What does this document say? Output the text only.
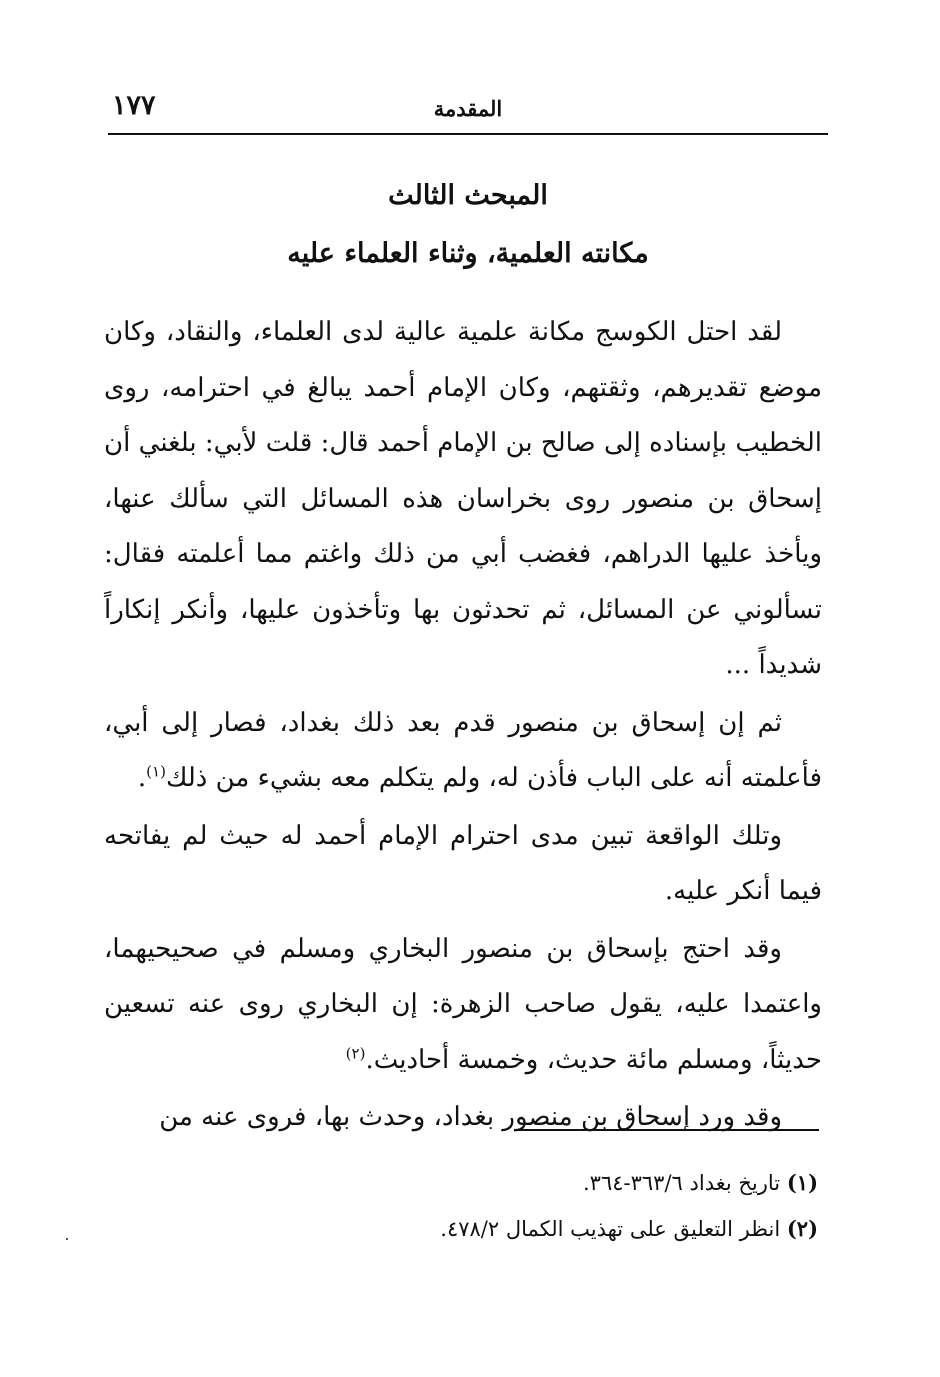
المقدمة
١٧٧
المبحث الثالث
مكانته العلمية، وثناء العلماء عليه

لقد احتل الكوسج مكانة علمية عالية لدى العلماء، والنقاد، وكان موضع تقديرهم، وثقتهم، وكان الإمام أحمد يبالغ في احترامه، روى الخطيب بإسناده إلى صالح بن الإمام أحمد قال: قلت لأبي: بلغني أن إسحاق بن منصور روى بخراسان هذه المسائل التي سألك عنها، ويأخذ عليها الدراهم، فغضب أبي من ذلك واغتم مما أعلمته فقال: تسألوني عن المسائل، ثم تحدثون بها وتأخذون عليها، وأنكر إنكاراً شديداً ...

ثم إن إسحاق بن منصور قدم بعد ذلك بغداد، فصار إلى أبي، فأعلمته أنه على الباب فأذن له، ولم يتكلم معه بشيء من ذلك$^{(١)}$.

وتلك الواقعة تبين مدى احترام الإمام أحمد له حيث لم يفاتحه فيما أنكر عليه.

وقد احتج بإسحاق بن منصور البخاري ومسلم في صحيحيهما، واعتمدا عليه، يقول صاحب الزهرة: إن البخاري روى عنه تسعين حديثاً، ومسلم مائة حديث، وخمسة أحاديث.$^{(٢)}$

وقد ورد إسحاق بن منصور بغداد، وحدث بها، فروى عنه من

(١) تاريخ بغداد ٣٦٣/٦-٣٦٤.
(٢) انظر التعليق على تهذيب الكمال ٤٧٨/٢.
